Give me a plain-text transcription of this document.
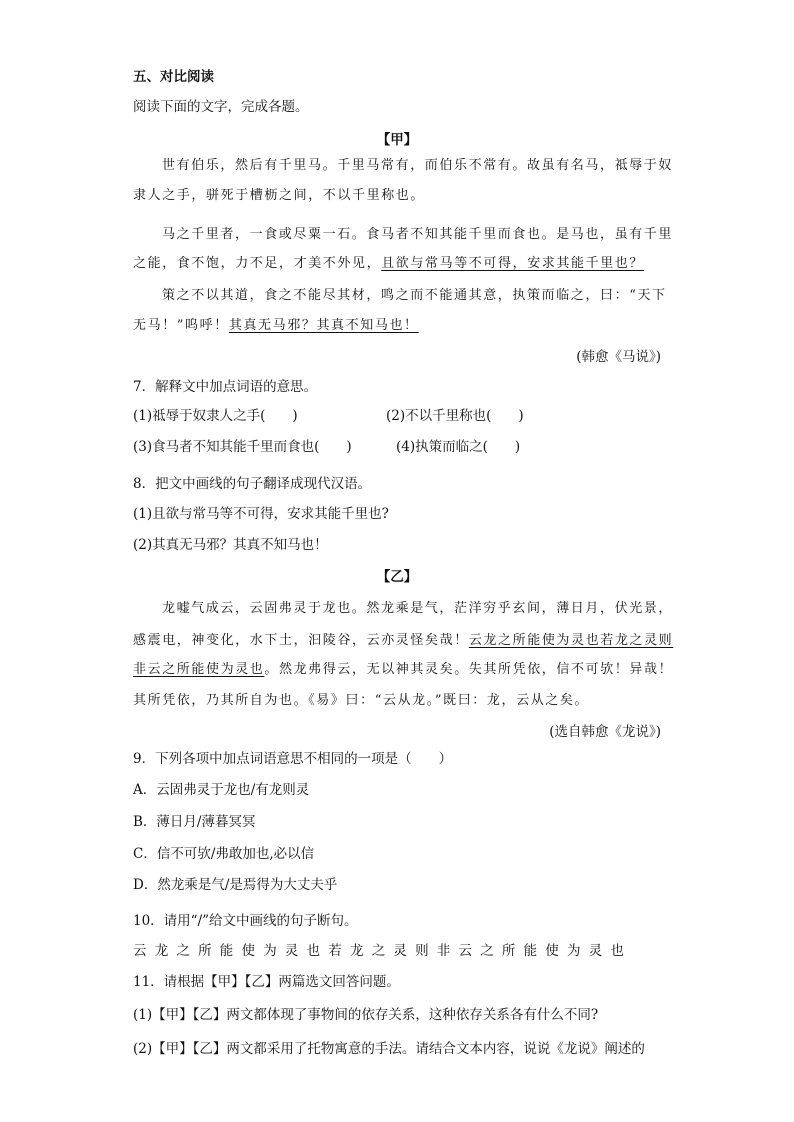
五、对比阅读

阅读下面的文字，完成各题。

【甲】

世有伯乐，然后有千里马。千里马常有，而伯乐不常有。故虽有名马，祗辱于奴

隶人之手，骈死于槽枥之间，不以千里称也。

马之千里者，一食或尽粟一石。食马者不知其能千里而食也。是马也，虽有千里

之能，食不饱，力不足，才美不外见，且欲与常马等不可得，安求其能千里也？

策之不以其道，食之不能尽其材，鸣之而不能通其意，执策而临之，曰：“天下

无马！”呜呼！其真无马邪？其真不知马也！

(韩愈《马说》)

7．解释文中加点词语的意思。

(1)祗辱于奴隶人之手(　　)	(2)不以千里称也(　　)

(3)食马者不知其能千里而食也(　　)	(4)执策而临之(　　)

8．把文中画线的句子翻译成现代汉语。

(1)且欲与常马等不可得，安求其能千里也?

(2)其真无马邪？其真不知马也！

【乙】

龙嘘气成云，云固弗灵于龙也。然龙乘是气，茫洋穷乎玄间，薄日月，伏光景，

感震电，神变化，水下土，汩陵谷，云亦灵怪矣哉！云龙之所能使为灵也若龙之灵则

非云之所能使为灵也。然龙弗得云，无以神其灵矣。失其所凭依，信不可欤！异哉！

其所凭依，乃其所自为也。《易》曰：“云从龙。”既曰：龙，云从之矣。

(选自韩愈《龙说》)

9．下列各项中加点词语意思不相同的一项是（　　）

A．云固弗灵于龙也/有龙则灵

B．薄日月/薄暮冥冥

C．信不可欤/弗敢加也,必以信

D．然龙乘是气/是焉得为大丈夫乎

10．请用“/”给文中画线的句子断句。

云龙之所能使为灵也若龙之灵则非云之所能使为灵也

11．请根据【甲】【乙】两篇选文回答问题。

(1)【甲】【乙】两文都体现了事物间的依存关系，这种依存关系各有什么不同?

(2)【甲】【乙】两文都采用了托物寓意的手法。请结合文本内容，说说《龙说》阐述的
